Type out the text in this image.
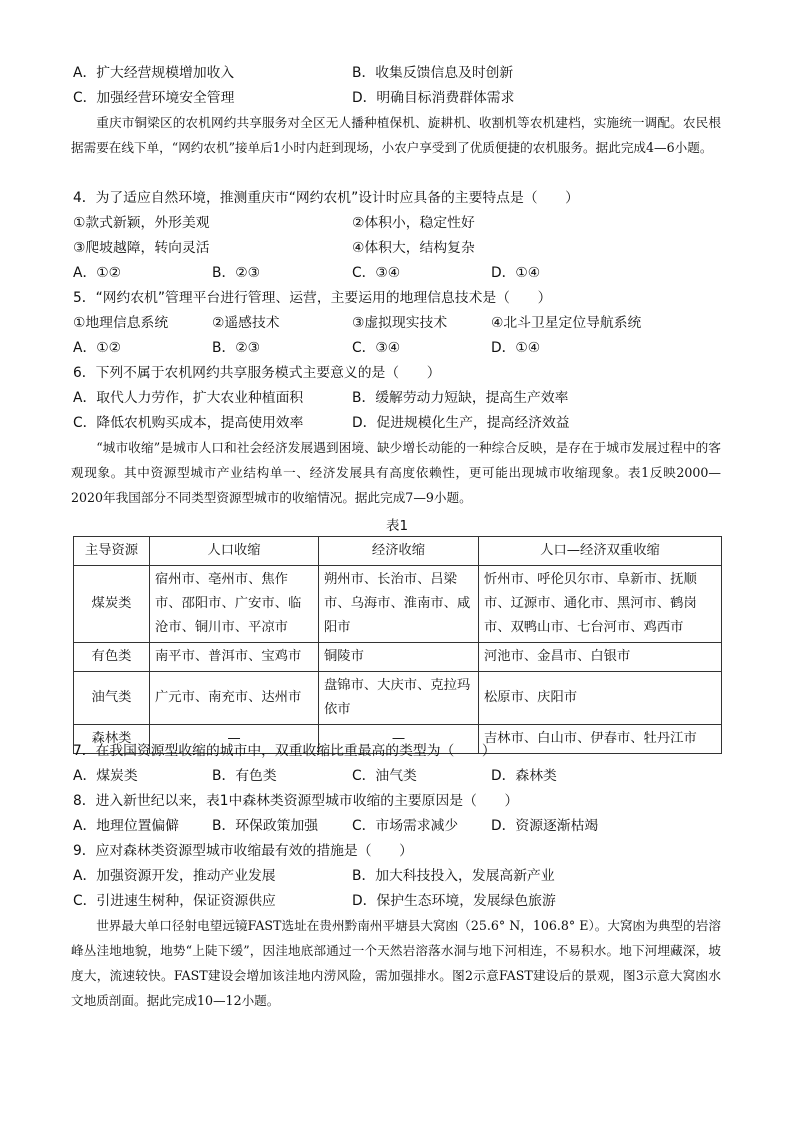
A．扩大经营规模增加收入	B．收集反馈信息及时创新
C．加强经营环境安全管理	D．明确目标消费群体需求
重庆市铜梁区的农机网约共享服务对全区无人播种植保机、旋耕机、收割机等农机建档，实施统一调配。农民根据需要在线下单，“网约农机”接单后1小时内赶到现场，小农户享受到了优质便捷的农机服务。据此完成4—6小题。
4．为了适应自然环境，推测重庆市“网约农机”设计时应具备的主要特点是（　　）
①款式新颖，外形美观	②体积小，稳定性好
③爬坡越障，转向灵活	④体积大，结构复杂
A．①②	B．②③	C．③④	D．①④
5．“网约农机”管理平台进行管理、运营，主要运用的地理信息技术是（　　）
①地理信息系统	②遥感技术	③虚拟现实技术	④北斗卫星定位导航系统
A．①②	B．②③	C．③④	D．①④
6．下列不属于农机网约共享服务模式主要意义的是（　　）
A．取代人力劳作，扩大农业种植面积	B．缓解劳动力短缺，提高生产效率
C．降低农机购买成本，提高使用效率	D．促进规模化生产，提高经济效益
“城市收缩”是城市人口和社会经济发展遇到困境、缺少增长动能的一种综合反映，是存在于城市发展过程中的客观现象。其中资源型城市产业结构单一、经济发展具有高度依赖性，更可能出现城市收缩现象。表1反映2000—2020年我国部分不同类型资源型城市的收缩情况。据此完成7—9小题。
表1
主导资源	人口收缩	经济收缩	人口—经济双重收缩
煤炭类	宿州市、亳州市、焦作市、邵阳市、广安市、临沧市、铜川市、平凉市	朔州市、长治市、吕梁市、乌海市、淮南市、咸阳市	忻州市、呼伦贝尔市、阜新市、抚顺市、辽源市、通化市、黑河市、鹤岗市、双鸭山市、七台河市、鸡西市
有色类	南平市、普洱市、宝鸡市	铜陵市	河池市、金昌市、白银市
油气类	广元市、南充市、达州市	盘锦市、大庆市、克拉玛依市	松原市、庆阳市
森林类	—	—	吉林市、白山市、伊春市、牡丹江市
7．在我国资源型收缩的城市中，双重收缩比重最高的类型为（　　）
A．煤炭类	B．有色类	C．油气类	D．森林类
8．进入新世纪以来，表1中森林类资源型城市收缩的主要原因是（　　）
A．地理位置偏僻 B．环保政策加强 C．市场需求减少 D．资源逐渐枯竭
9．应对森林类资源型城市收缩最有效的措施是（　　）
A．加强资源开发，推动产业发展	B．加大科技投入，发展高新产业
C．引进速生树种，保证资源供应	D．保护生态环境，发展绿色旅游
世界最大单口径射电望远镜FAST选址在贵州黔南州平塘县大窝凼（25.6° N，106.8° E）。大窝凼为典型的岩溶峰丛洼地地貌，地势“上陡下缓”，因洼地底部通过一个天然岩溶落水洞与地下河相连，不易积水。地下河埋藏深，坡度大，流速较快。FAST建设会增加该洼地内涝风险，需加强排水。图2示意FAST建设后的景观，图3示意大窝凼水文地质剖面。据此完成10—12小题。
